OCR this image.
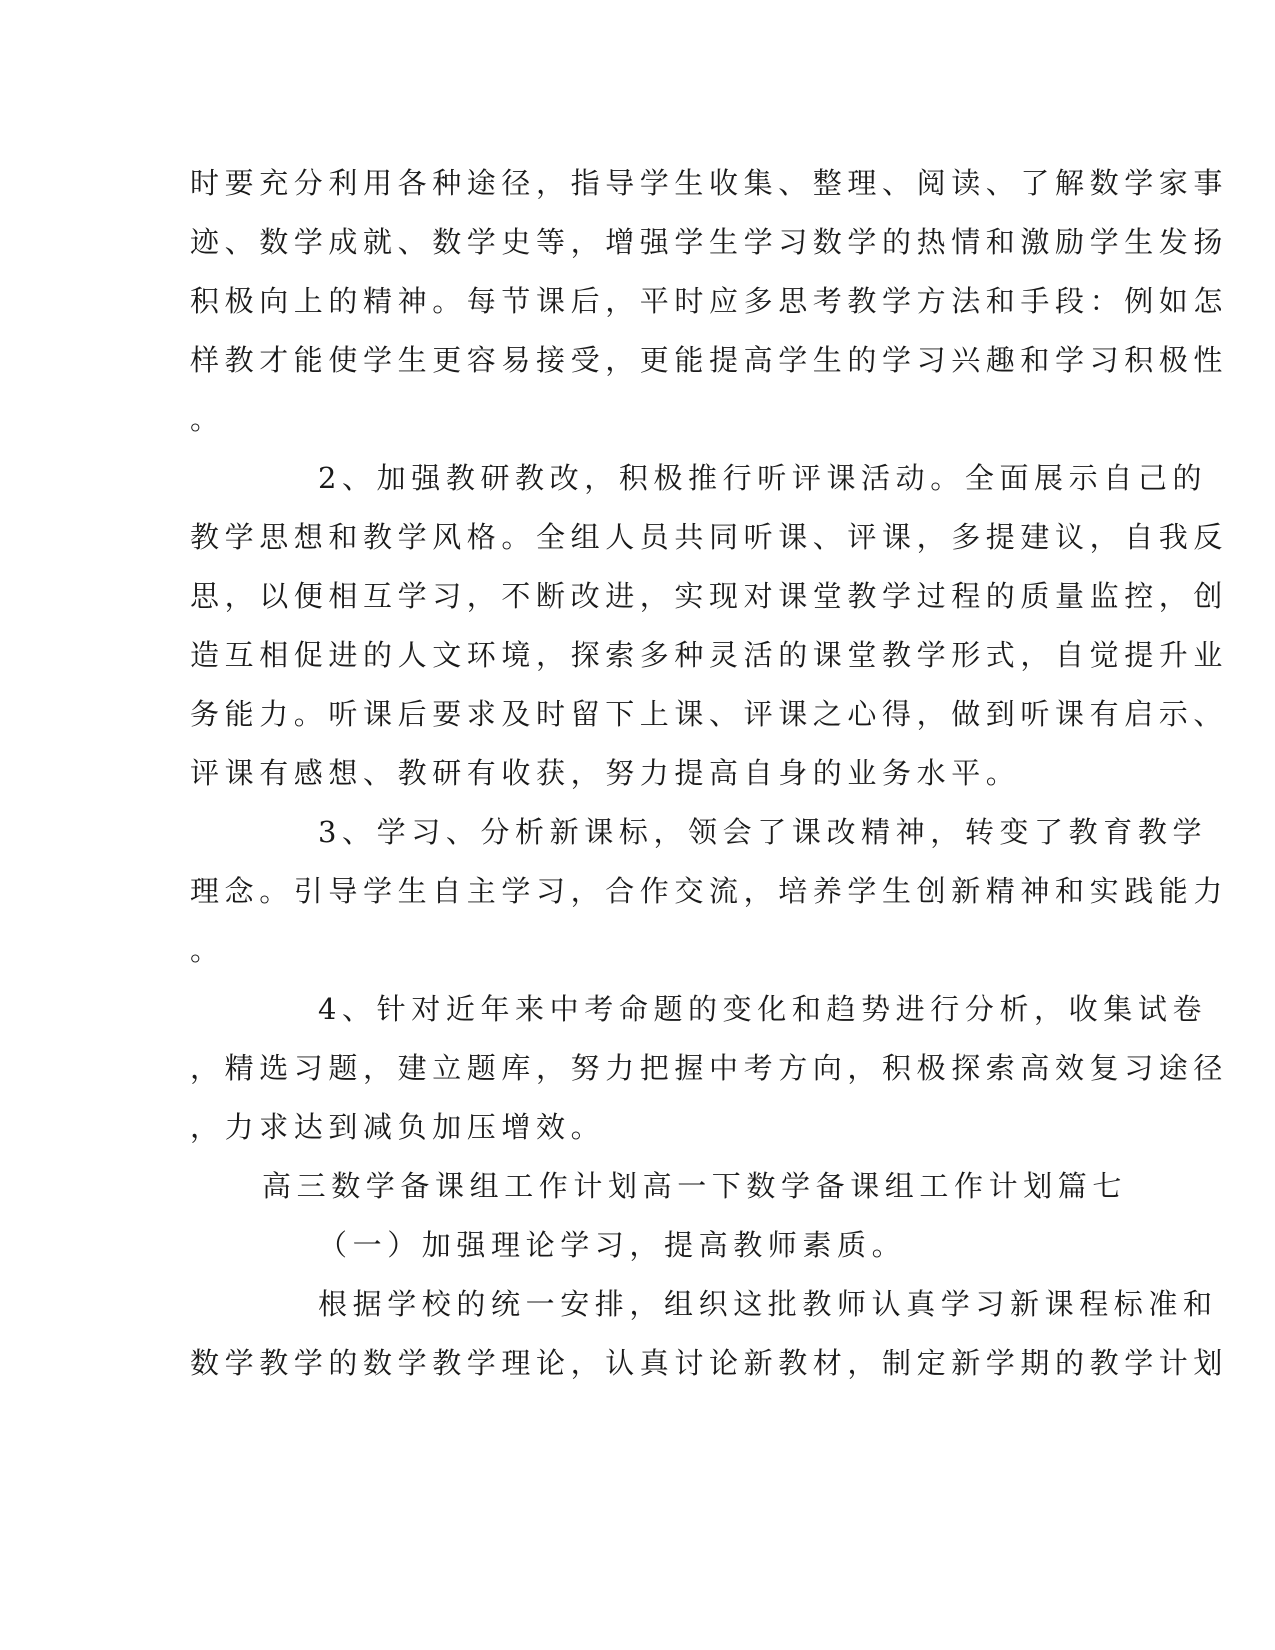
时要充分利用各种途径，指导学生收集、整理、阅读、了解数学家事
迹、数学成就、数学史等，增强学生学习数学的热情和激励学生发扬
积极向上的精神。每节课后，平时应多思考教学方法和手段：例如怎
样教才能使学生更容易接受，更能提高学生的学习兴趣和学习积极性
。
2、加强教研教改，积极推行听评课活动。全面展示自己的
教学思想和教学风格。全组人员共同听课、评课，多提建议，自我反
思，以便相互学习，不断改进，实现对课堂教学过程的质量监控，创
造互相促进的人文环境，探索多种灵活的课堂教学形式，自觉提升业
务能力。听课后要求及时留下上课、评课之心得，做到听课有启示、
评课有感想、教研有收获，努力提高自身的业务水平。
3、学习、分析新课标，领会了课改精神，转变了教育教学
理念。引导学生自主学习，合作交流，培养学生创新精神和实践能力
。
4、针对近年来中考命题的变化和趋势进行分析，收集试卷
，精选习题，建立题库，努力把握中考方向，积极探索高效复习途径
，力求达到减负加压增效。
高三数学备课组工作计划高一下数学备课组工作计划篇七
（一）加强理论学习，提高教师素质。
根据学校的统一安排，组织这批教师认真学习新课程标准和
数学教学的数学教学理论，认真讨论新教材，制定新学期的教学计划
